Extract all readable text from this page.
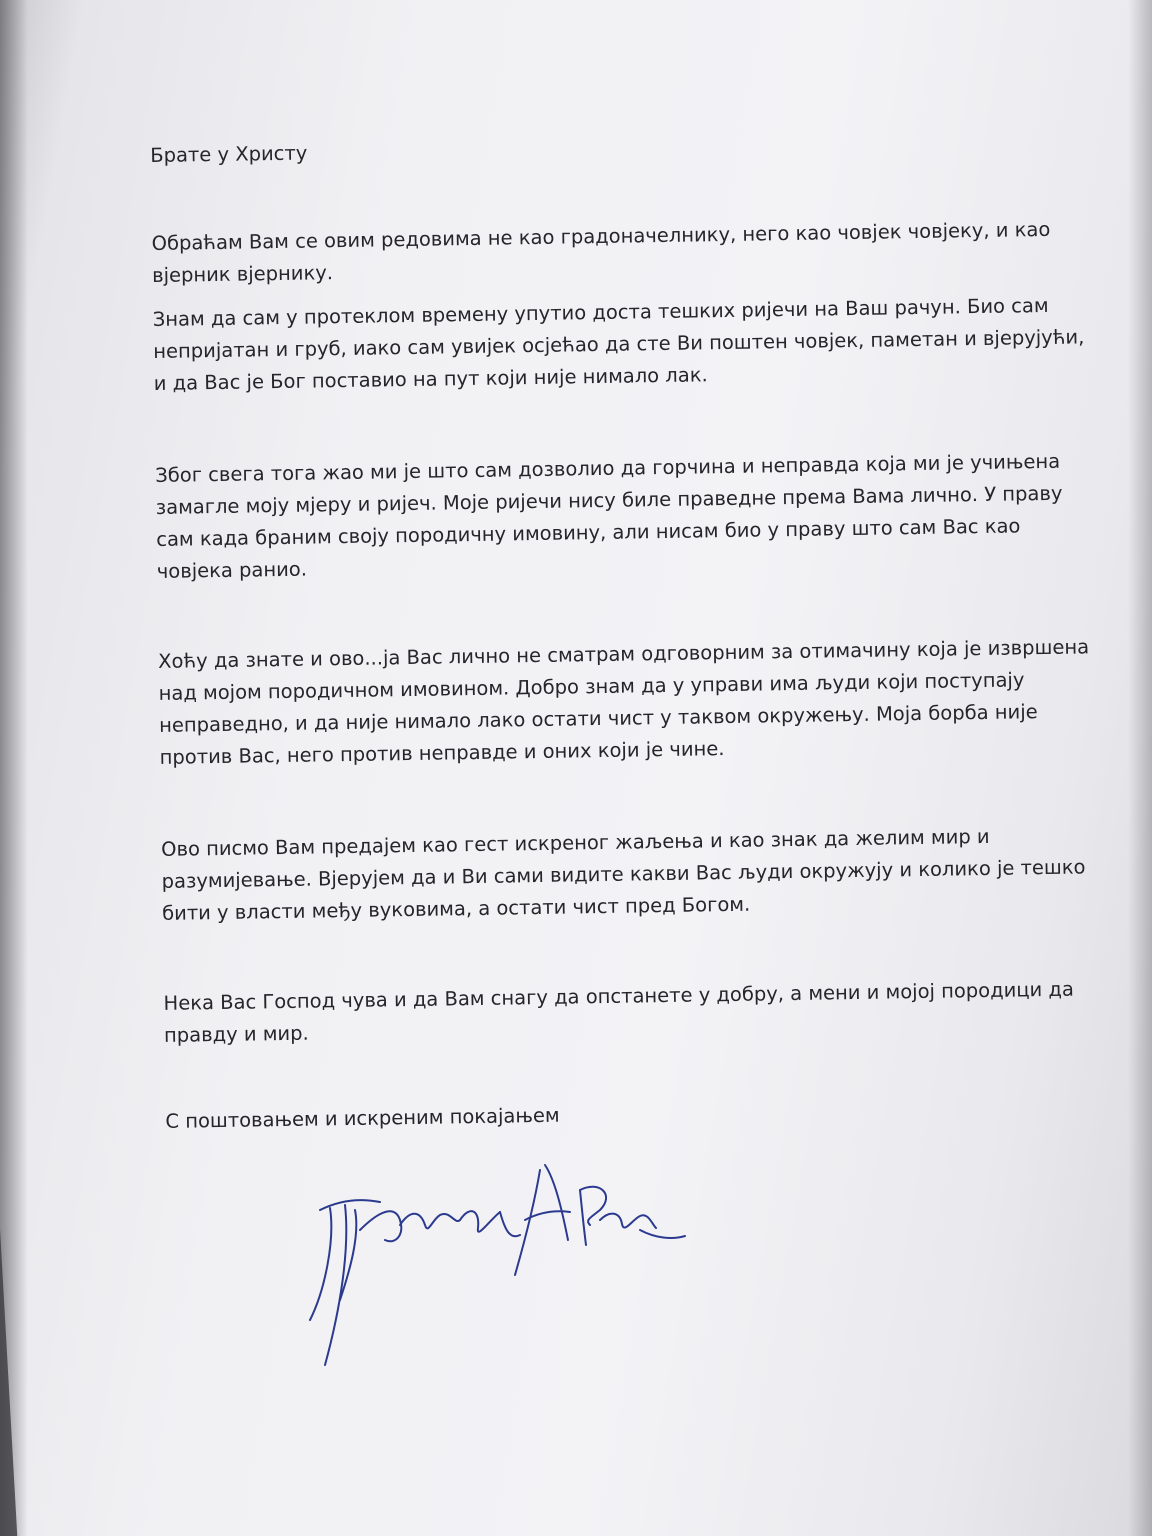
Брате у Христу

Обраћам Вам се овим редовима не као градоначелнику, него као човјек човјеку, и као вјерник вјернику.

Знам да сам у протеклом времену упутио доста тешких ријечи на Ваш рачун. Био сам непријатан и груб, иако сам увијек осјећао да сте Ви поштен човјек, паметан и вјерујући, и да Вас је Бог поставио на пут који није нимало лак.

Због свега тога жао ми је што сам дозволио да горчина и неправда која ми је учињена замагле моју мјеру и ријеч. Моје ријечи нису биле праведне према Вама лично. У праву сам када браним своју породичну имовину, али нисам био у праву што сам Вас као човјека ранио.

Хоћу да знате и ово...ја Вас лично не сматрам одговорним за отимачину која је извршена над мојом породичном имовином. Добро знам да у управи има људи који поступају неправедно, и да није нимало лако остати чист у таквом окружењу. Моја борба није против Вас, него против неправде и оних који је чине.

Ово писмо Вам предајем као гест искреног жаљења и као знак да желим мир и разумијевање. Вјерујем да и Ви сами видите какви Вас људи окружују и колико је тешко бити у власти међу вуковима, а остати чист пред Богом.

Нека Вас Господ чува и да Вам снагу да опстанете у добру, а мени и мојој породици да правду и мир.

С поштовањем и искреним покајањем
